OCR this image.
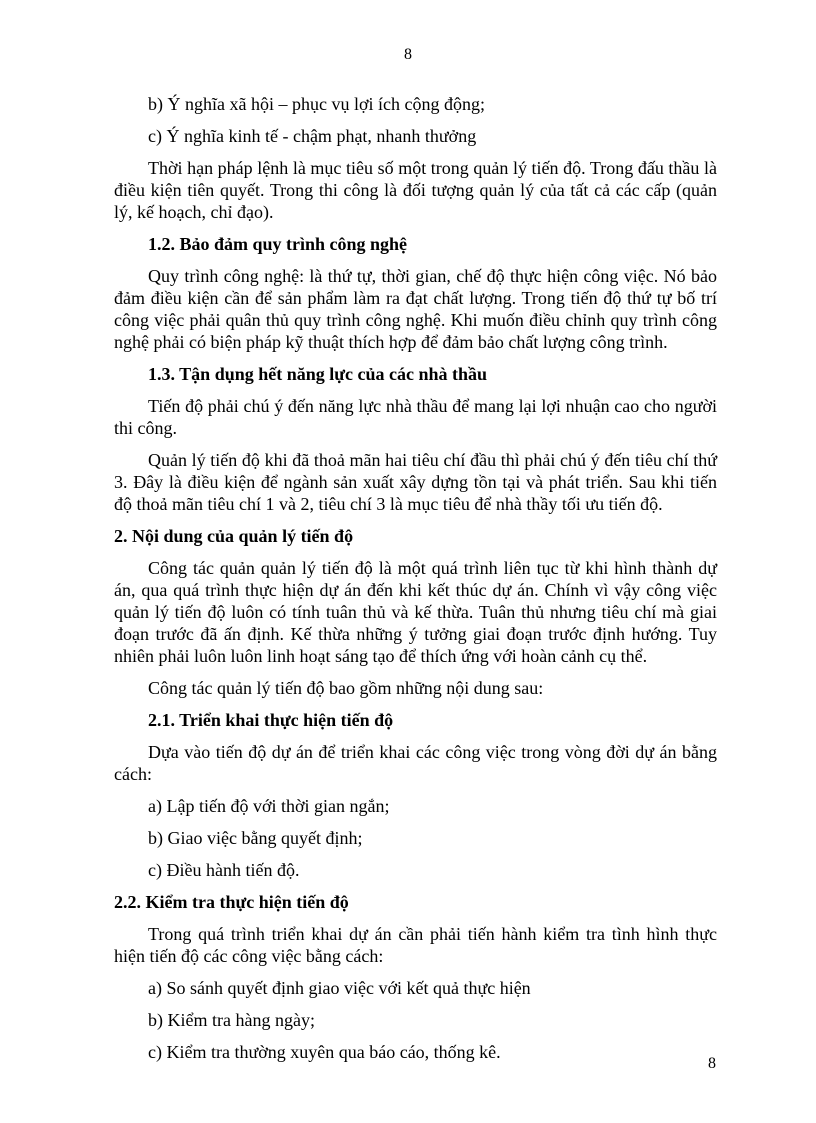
8

b) Ý nghĩa xã hội – phục vụ lợi ích cộng động;

c) Ý nghĩa kinh tế - chậm phạt, nhanh thưởng

Thời hạn pháp lệnh là mục tiêu số một trong quản lý tiến độ. Trong đấu thầu là điều kiện tiên quyết. Trong thi công là đối tượng quản lý của tất cả các cấp (quản lý, kế hoạch, chỉ đạo).

1.2. Bảo đảm quy trình công nghệ

Quy trình công nghệ: là thứ tự, thời gian, chế độ thực hiện công việc. Nó bảo đảm điều kiện cần để sản phẩm làm ra đạt chất lượng. Trong tiến độ thứ tự bố trí công việc phải quân thủ quy trình công nghệ. Khi muốn điều chỉnh quy trình công nghệ phải có biện pháp kỹ thuật thích hợp để đảm bảo chất lượng công trình.

1.3. Tận dụng hết năng lực của các nhà thầu

Tiến độ phải chú ý đến năng lực nhà thầu để mang lại lợi nhuận cao cho người thi công.

Quản lý tiến độ khi đã thoả mãn hai tiêu chí đầu thì phải chú ý đến tiêu chí thứ 3. Đây là điều kiện để ngành sản xuất xây dựng tồn tại và phát triển. Sau khi tiến độ thoả mãn tiêu chí 1 và 2, tiêu chí 3 là mục tiêu để nhà thầy tối ưu tiến độ.

2. Nội dung của quản lý tiến độ

Công tác quản quản lý tiến độ là một quá trình liên tục từ khi hình thành dự án, qua quá trình thực hiện dự án đến khi kết thúc dự án. Chính vì vậy công việc quản lý tiến độ luôn có tính tuân thủ và kế thừa. Tuân thủ nhưng tiêu chí mà giai đoạn trước đã ấn định. Kế thừa những ý tưởng giai đoạn trước định hướng. Tuy nhiên phải luôn luôn linh hoạt sáng tạo để thích ứng với hoàn cảnh cụ thể.

Công tác quản lý tiến độ bao gồm những nội dung sau:

2.1. Triển khai thực hiện tiến độ

Dựa vào tiến độ dự án để triển khai các công việc trong vòng đời dự án bằng cách:

a) Lập tiến độ với thời gian ngắn;

b) Giao việc bằng quyết định;

c) Điều hành tiến độ.

2.2. Kiểm tra thực hiện tiến độ

Trong quá trình triển khai dự án cần phải tiến hành kiểm tra tình hình thực hiện tiến độ các công việc bằng cách:

a) So sánh quyết định giao việc với kết quả thực hiện

b) Kiểm tra hàng ngày;

c) Kiểm tra thường xuyên qua báo cáo, thống kê.

8
